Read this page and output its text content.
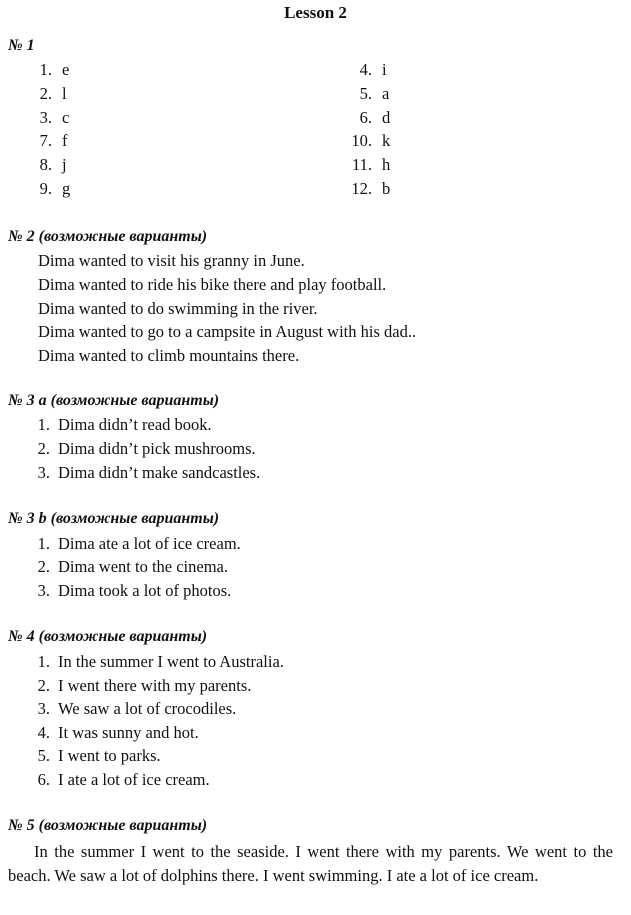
Lesson 2
№ 1
1. e
2. l
3. c
7. f
8. j
9. g
4. i
5. a
6. d
10. k
11. h
12. b
№ 2 (возможные варианты)
Dima wanted to visit his granny in June.
Dima wanted to ride his bike there and play football.
Dima wanted to do swimming in the river.
Dima wanted to go to a campsite in August with his dad..
Dima wanted to climb mountains there.
№ 3 a (возможные варианты)
1. Dima didn’t read book.
2. Dima didn’t pick mushrooms.
3. Dima didn’t make sandcastles.
№ 3 b (возможные варианты)
1. Dima ate a lot of ice cream.
2. Dima went to the cinema.
3. Dima took a lot of photos.
№ 4 (возможные варианты)
1. In the summer I went to Australia.
2. I went there with my parents.
3. We saw a lot of crocodiles.
4. It was sunny and hot.
5. I went to parks.
6. I ate a lot of ice cream.
№ 5 (возможные варианты)
In the summer I went to the seaside. I went there with my parents. We went to the beach. We saw a lot of dolphins there. I went swimming. I ate a lot of ice cream.
